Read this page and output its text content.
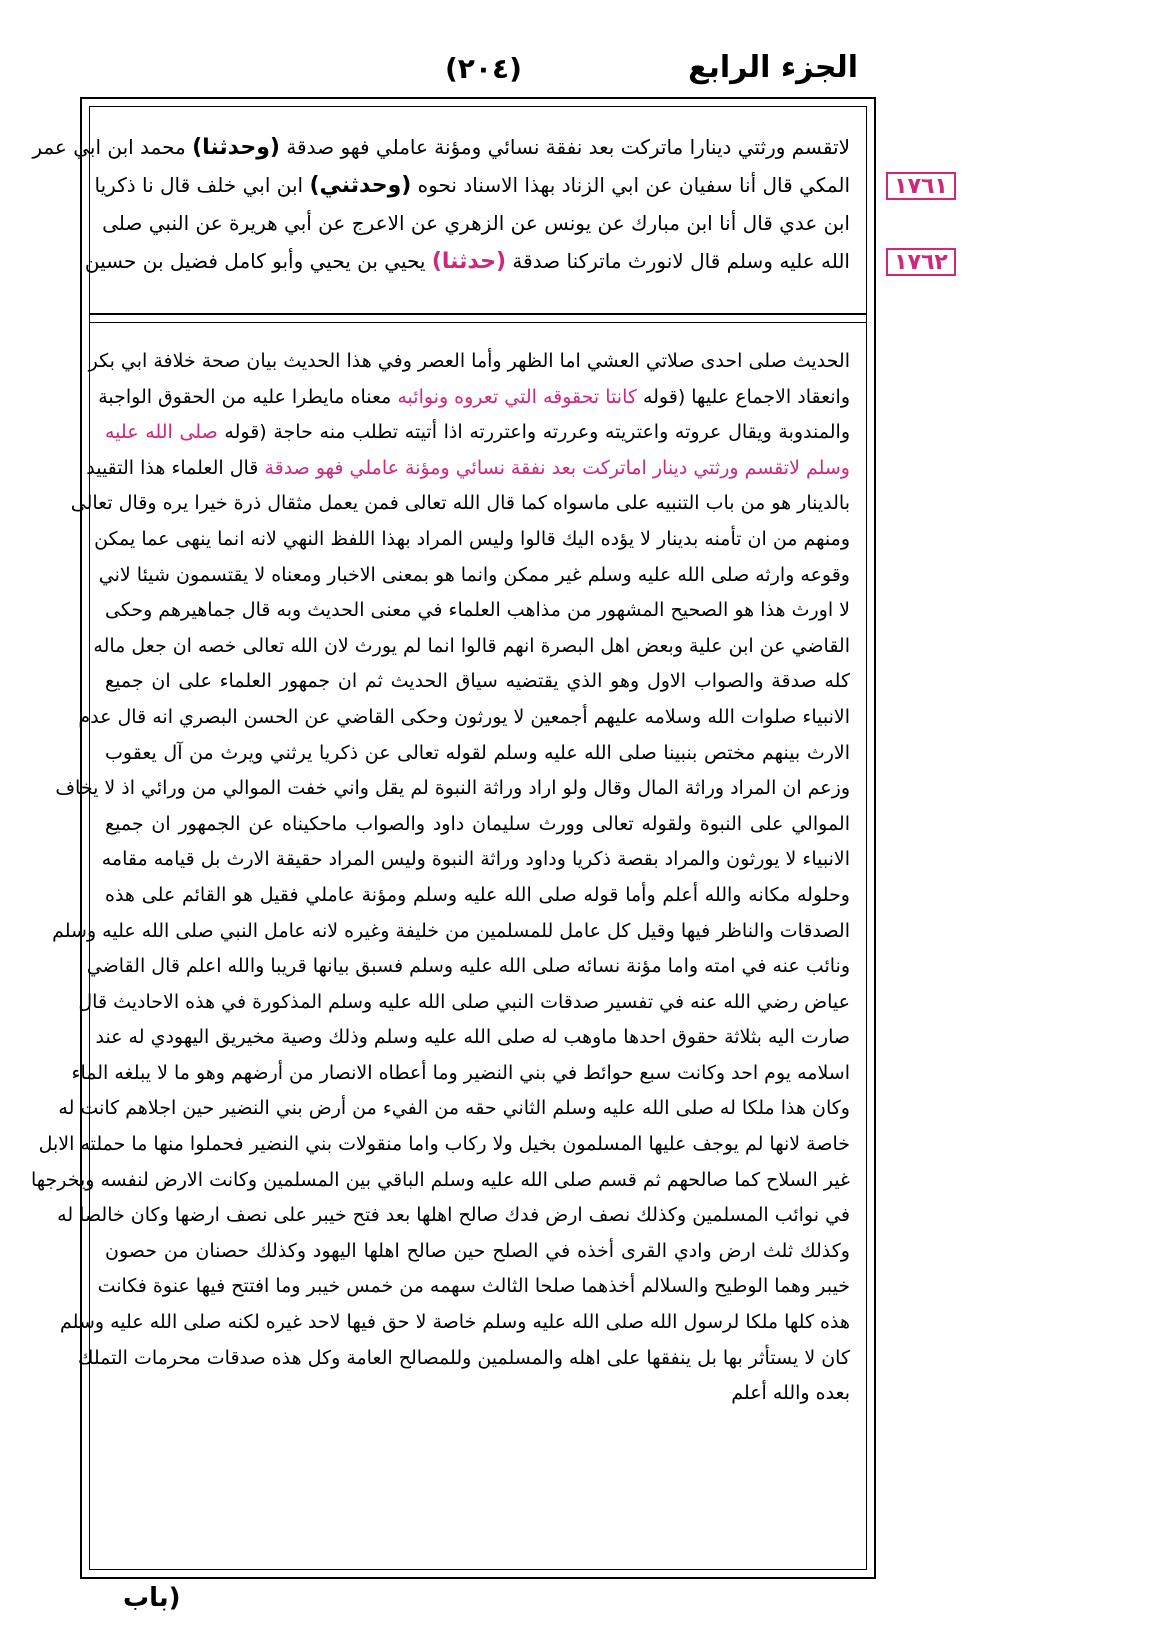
(٢٠٤)	الجزء الرابع
١٧٦١
١٧٦٢
لاتقسم ورثتي دينارا ماتركت بعد نفقة نسائي ومؤنة عاملي فهو صدقة (وحدثنا) محمد ابن ابي عمر
المكي قال أنا سفيان عن ابي الزناد بهذا الاسناد نحوه (وحدثني) ابن ابي خلف قال نا ذكريا
ابن عدي قال أنا ابن مبارك عن يونس عن الزهري عن الاعرج عن أبي هريرة عن النبي صلى
الله عليه وسلم قال لانورث ماتركنا صدقة (حدثنا) يحيي بن يحيي وأبو كامل فضيل بن حسين
الحديث صلى احدى صلاتي العشي اما الظهر وأما العصر وفي هذا الحديث بيان صحة خلافة ابي بكر
وانعقاد الاجماع عليها (قوله كانتا تحقوقه التي تعروه ونوائبه معناه مايطرا عليه من الحقوق الواجبة
والمندوبة ويقال عروته واعتريته وعررته واعتررته اذا أتيته تطلب منه حاجة (قوله صلى الله عليه
وسلم لاتقسم ورثتي دينار اماتركت بعد نفقة نسائي ومؤنة عاملي فهو صدقة قال العلماء هذا التقييد
بالدينار هو من باب التنبيه على ماسواه كما قال الله تعالى فمن يعمل مثقال ذرة خيرا يره وقال تعالى
ومنهم من ان تأمنه بدينار لا يؤده اليك قالوا وليس المراد بهذا اللفظ النهي لانه انما ينهى عما يمكن
وقوعه وارثه صلى الله عليه وسلم غير ممكن وانما هو بمعنى الاخبار ومعناه لا يقتسمون شيئا لاني
لا اورث هذا هو الصحيح المشهور من مذاهب العلماء في معنى الحديث وبه قال جماهيرهم وحكى
القاضي عن ابن علية وبعض اهل البصرة انهم قالوا انما لم يورث لان الله تعالى خصه ان جعل ماله
كله صدقة والصواب الاول وهو الذي يقتضيه سياق الحديث ثم ان جمهور العلماء على ان جميع
الانبياء صلوات الله وسلامه عليهم أجمعين لا يورثون وحكى القاضي عن الحسن البصري انه قال عدم
الارث بينهم مختص بنبينا صلى الله عليه وسلم لقوله تعالى عن ذكريا يرثني ويرث من آل يعقوب
وزعم ان المراد وراثة المال وقال ولو اراد وراثة النبوة لم يقل واني خفت الموالي من ورائي اذ لا يخاف
الموالي على النبوة ولقوله تعالى وورث سليمان داود والصواب ماحكيناه عن الجمهور ان جميع
الانبياء لا يورثون والمراد بقصة ذكريا وداود وراثة النبوة وليس المراد حقيقة الارث بل قيامه مقامه
وحلوله مكانه والله أعلم وأما قوله صلى الله عليه وسلم ومؤنة عاملي فقيل هو القائم على هذه
الصدقات والناظر فيها وقيل كل عامل للمسلمين من خليفة وغيره لانه عامل النبي صلى الله عليه وسلم
ونائب عنه في امته واما مؤنة نسائه صلى الله عليه وسلم فسبق بيانها قريبا والله اعلم قال القاضي
عياض رضي الله عنه في تفسير صدقات النبي صلى الله عليه وسلم المذكورة في هذه الاحاديث قال
صارت اليه بثلاثة حقوق احدها ماوهب له صلى الله عليه وسلم وذلك وصية مخيريق اليهودي له عند
اسلامه يوم احد وكانت سبع حوائط في بني النضير وما أعطاه الانصار من أرضهم وهو ما لا يبلغه الماء
وكان هذا ملكا له صلى الله عليه وسلم الثاني حقه من الفيء من أرض بني النضير حين اجلاهم كانت له
خاصة لانها لم يوجف عليها المسلمون بخيل ولا ركاب واما منقولات بني النضير فحملوا منها ما حملته الابل
غير السلاح كما صالحهم ثم قسم صلى الله عليه وسلم الباقي بين المسلمين وكانت الارض لنفسه ويخرجها
في نوائب المسلمين وكذلك نصف ارض فدك صالح اهلها بعد فتح خيبر على نصف ارضها وكان خالصا له
وكذلك ثلث ارض وادي القرى أخذه في الصلح حين صالح اهلها اليهود وكذلك حصنان من حصون
خيبر وهما الوطيح والسلالم أخذهما صلحا الثالث سهمه من خمس خيبر وما افتتح فيها عنوة فكانت
هذه كلها ملكا لرسول الله صلى الله عليه وسلم خاصة لا حق فيها لاحد غيره لكنه صلى الله عليه وسلم
كان لا يستأثر بها بل ينفقها على اهله والمسلمين وللمصالح العامة وكل هذه صدقات محرمات التملك
بعده والله أعلم
(باب
